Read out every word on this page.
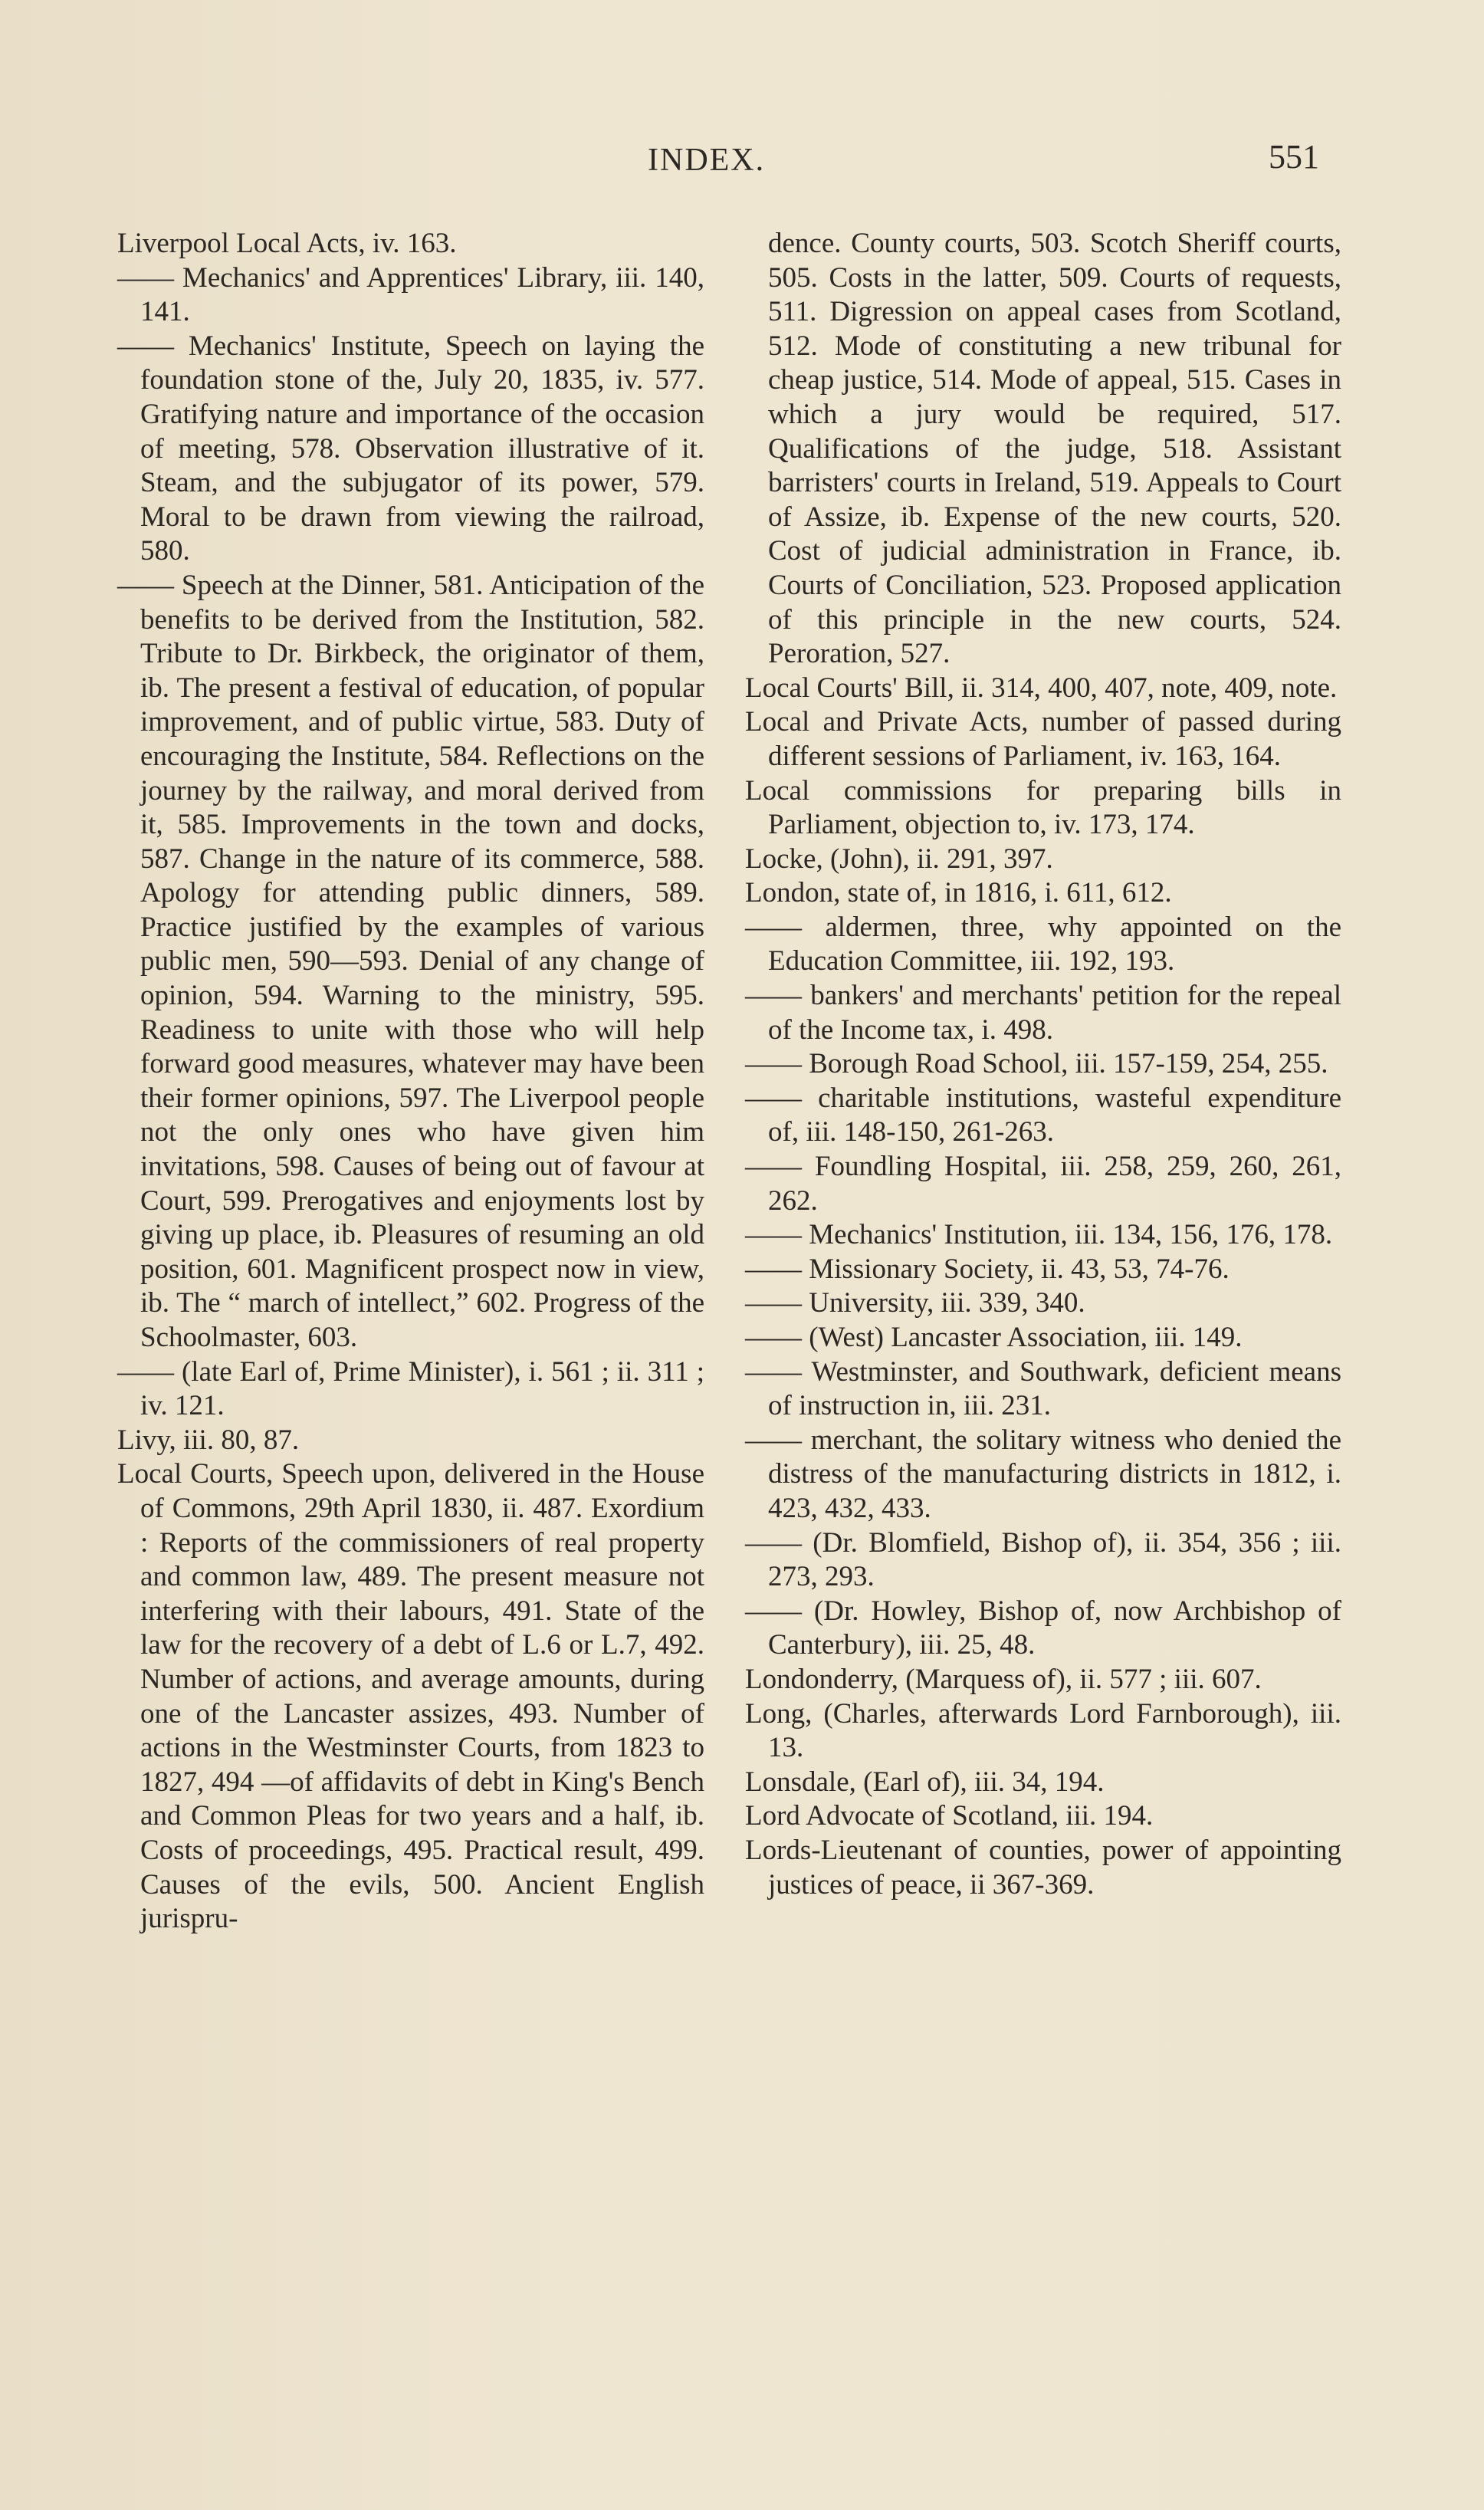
INDEX.	551

Liverpool Local Acts, iv. 163.

—— Mechanics' and Apprentices' Library, iii. 140, 141.

—— Mechanics' Institute, Speech on laying the foundation stone of the, July 20, 1835, iv. 577. Gratifying nature and importance of the occasion of meeting, 578. Observation illustrative of it. Steam, and the subjugator of its power, 579. Moral to be drawn from viewing the railroad, 580.

—— Speech at the Dinner, 581. Anticipation of the benefits to be derived from the Institution, 582. Tribute to Dr. Birkbeck, the originator of them, ib. The present a festival of education, of popular improvement, and of public virtue, 583. Duty of encouraging the Institute, 584. Reflections on the journey by the railway, and moral derived from it, 585. Improvements in the town and docks, 587. Change in the nature of its commerce, 588. Apology for attending public dinners, 589. Practice justified by the examples of various public men, 590—593. Denial of any change of opinion, 594. Warning to the ministry, 595. Readiness to unite with those who will help forward good measures, whatever may have been their former opinions, 597. The Liverpool people not the only ones who have given him invitations, 598. Causes of being out of favour at Court, 599. Prerogatives and enjoyments lost by giving up place, ib. Pleasures of resuming an old position, 601. Magnificent prospect now in view, ib. The “ march of intellect,” 602. Progress of the Schoolmaster, 603.

—— (late Earl of, Prime Minister), i. 561 ; ii. 311 ; iv. 121.

Livy, iii. 80, 87.

Local Courts, Speech upon, delivered in the House of Commons, 29th April 1830, ii. 487. Exordium : Reports of the commissioners of real property and common law, 489. The present measure not interfering with their labours, 491. State of the law for the recovery of a debt of L.6 or L.7, 492. Number of actions, and average amounts, during one of the Lancaster assizes, 493. Number of actions in the Westminster Courts, from 1823 to 1827, 494 —of affidavits of debt in King's Bench and Common Pleas for two years and a half, ib. Costs of proceedings, 495. Practical result, 499. Causes of the evils, 500. Ancient English jurispru-

dence. County courts, 503. Scotch Sheriff courts, 505. Costs in the latter, 509. Courts of requests, 511. Digression on appeal cases from Scotland, 512. Mode of constituting a new tribunal for cheap justice, 514. Mode of appeal, 515. Cases in which a jury would be required, 517. Qualifications of the judge, 518. Assistant barristers' courts in Ireland, 519. Appeals to Court of Assize, ib. Expense of the new courts, 520. Cost of judicial administration in France, ib. Courts of Conciliation, 523. Proposed application of this principle in the new courts, 524. Peroration, 527.

Local Courts' Bill, ii. 314, 400, 407, note, 409, note.

Local and Private Acts, number of passed during different sessions of Parliament, iv. 163, 164.

Local commissions for preparing bills in Parliament, objection to, iv. 173, 174.

Locke, (John), ii. 291, 397.

London, state of, in 1816, i. 611, 612.

—— aldermen, three, why appointed on the Education Committee, iii. 192, 193.

—— bankers' and merchants' petition for the repeal of the Income tax, i. 498.

—— Borough Road School, iii. 157-159, 254, 255.

—— charitable institutions, wasteful expenditure of, iii. 148-150, 261-263.

—— Foundling Hospital, iii. 258, 259, 260, 261, 262.

—— Mechanics' Institution, iii. 134, 156, 176, 178.

—— Missionary Society, ii. 43, 53, 74-76.

—— University, iii. 339, 340.

—— (West) Lancaster Association, iii. 149.

—— Westminster, and Southwark, deficient means of instruction in, iii. 231.

—— merchant, the solitary witness who denied the distress of the manufacturing districts in 1812, i. 423, 432, 433.

—— (Dr. Blomfield, Bishop of), ii. 354, 356 ; iii. 273, 293.

—— (Dr. Howley, Bishop of, now Archbishop of Canterbury), iii. 25, 48.

Londonderry, (Marquess of), ii. 577 ; iii. 607.

Long, (Charles, afterwards Lord Farnborough), iii. 13.

Lonsdale, (Earl of), iii. 34, 194.

Lord Advocate of Scotland, iii. 194.

Lords-Lieutenant of counties, power of appointing justices of peace, ii 367-369.
